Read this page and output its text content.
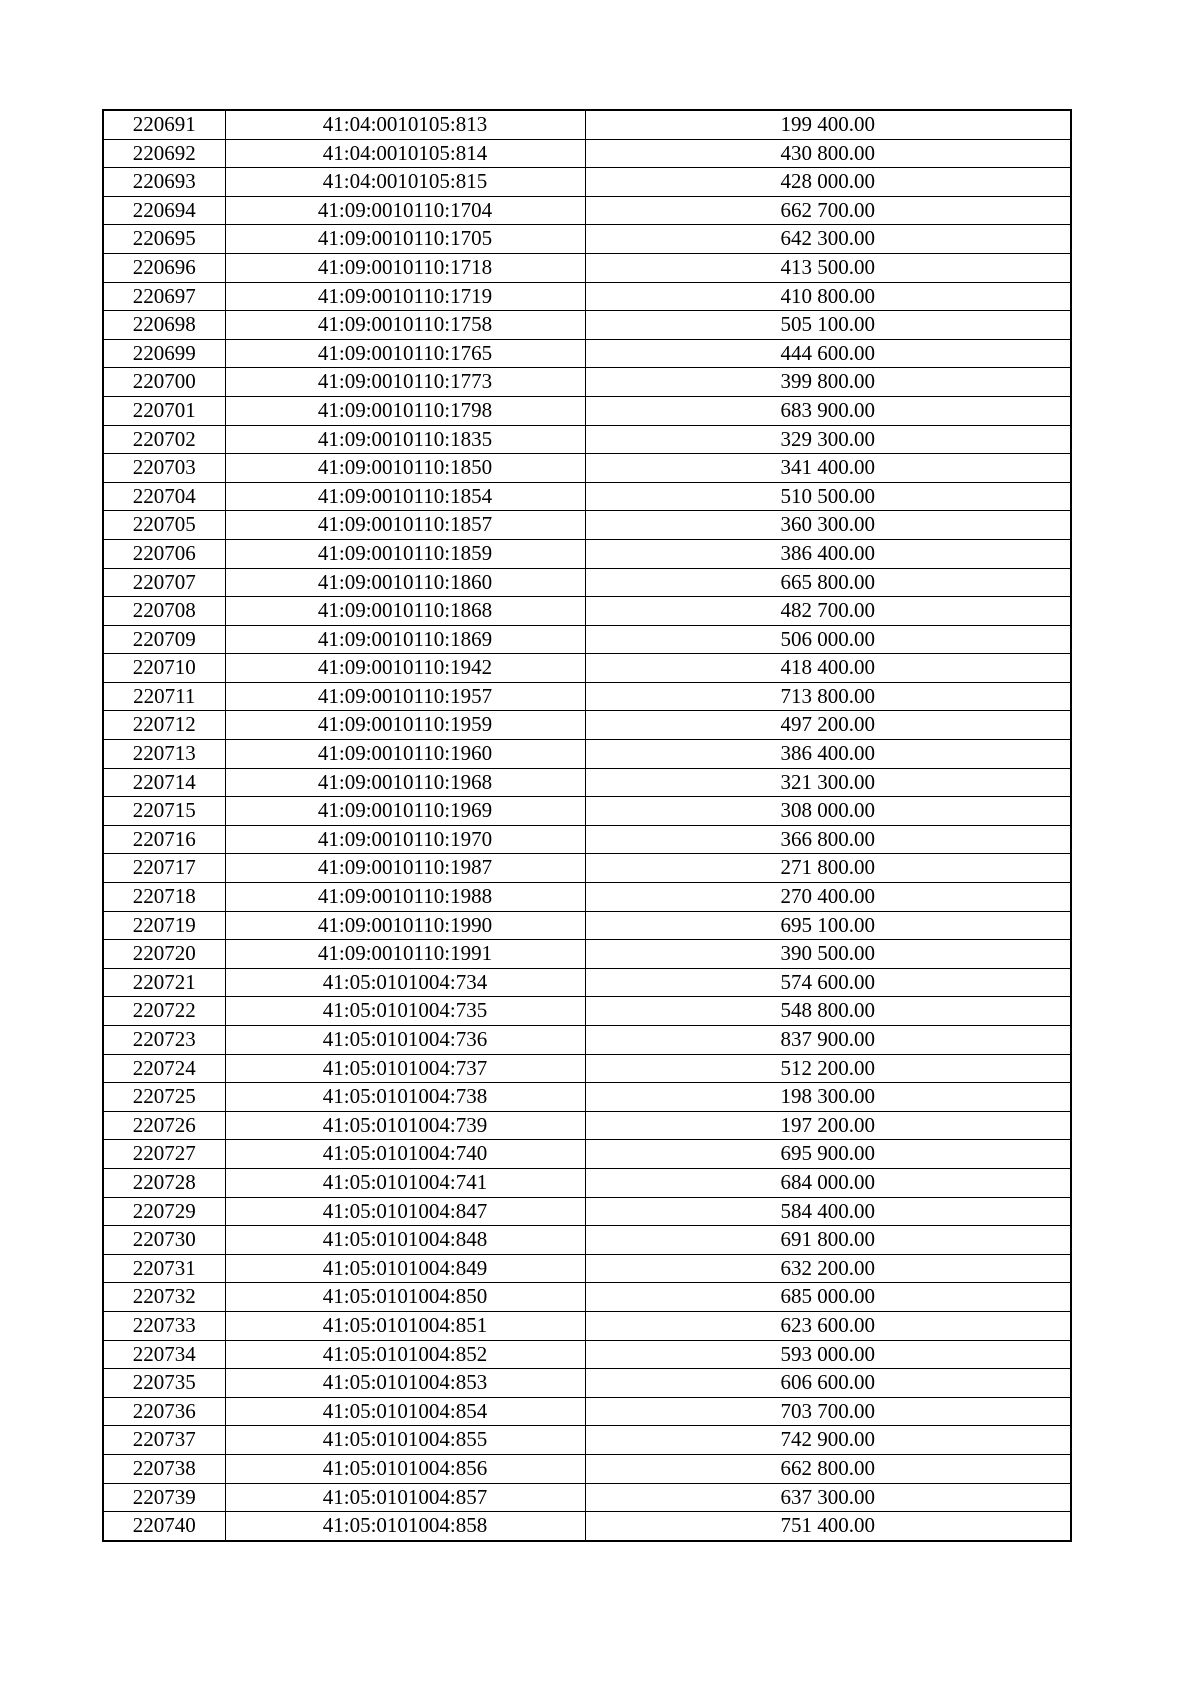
220691	41:04:0010105:813	199 400.00
220692	41:04:0010105:814	430 800.00
220693	41:04:0010105:815	428 000.00
220694	41:09:0010110:1704	662 700.00
220695	41:09:0010110:1705	642 300.00
220696	41:09:0010110:1718	413 500.00
220697	41:09:0010110:1719	410 800.00
220698	41:09:0010110:1758	505 100.00
220699	41:09:0010110:1765	444 600.00
220700	41:09:0010110:1773	399 800.00
220701	41:09:0010110:1798	683 900.00
220702	41:09:0010110:1835	329 300.00
220703	41:09:0010110:1850	341 400.00
220704	41:09:0010110:1854	510 500.00
220705	41:09:0010110:1857	360 300.00
220706	41:09:0010110:1859	386 400.00
220707	41:09:0010110:1860	665 800.00
220708	41:09:0010110:1868	482 700.00
220709	41:09:0010110:1869	506 000.00
220710	41:09:0010110:1942	418 400.00
220711	41:09:0010110:1957	713 800.00
220712	41:09:0010110:1959	497 200.00
220713	41:09:0010110:1960	386 400.00
220714	41:09:0010110:1968	321 300.00
220715	41:09:0010110:1969	308 000.00
220716	41:09:0010110:1970	366 800.00
220717	41:09:0010110:1987	271 800.00
220718	41:09:0010110:1988	270 400.00
220719	41:09:0010110:1990	695 100.00
220720	41:09:0010110:1991	390 500.00
220721	41:05:0101004:734	574 600.00
220722	41:05:0101004:735	548 800.00
220723	41:05:0101004:736	837 900.00
220724	41:05:0101004:737	512 200.00
220725	41:05:0101004:738	198 300.00
220726	41:05:0101004:739	197 200.00
220727	41:05:0101004:740	695 900.00
220728	41:05:0101004:741	684 000.00
220729	41:05:0101004:847	584 400.00
220730	41:05:0101004:848	691 800.00
220731	41:05:0101004:849	632 200.00
220732	41:05:0101004:850	685 000.00
220733	41:05:0101004:851	623 600.00
220734	41:05:0101004:852	593 000.00
220735	41:05:0101004:853	606 600.00
220736	41:05:0101004:854	703 700.00
220737	41:05:0101004:855	742 900.00
220738	41:05:0101004:856	662 800.00
220739	41:05:0101004:857	637 300.00
220740	41:05:0101004:858	751 400.00
